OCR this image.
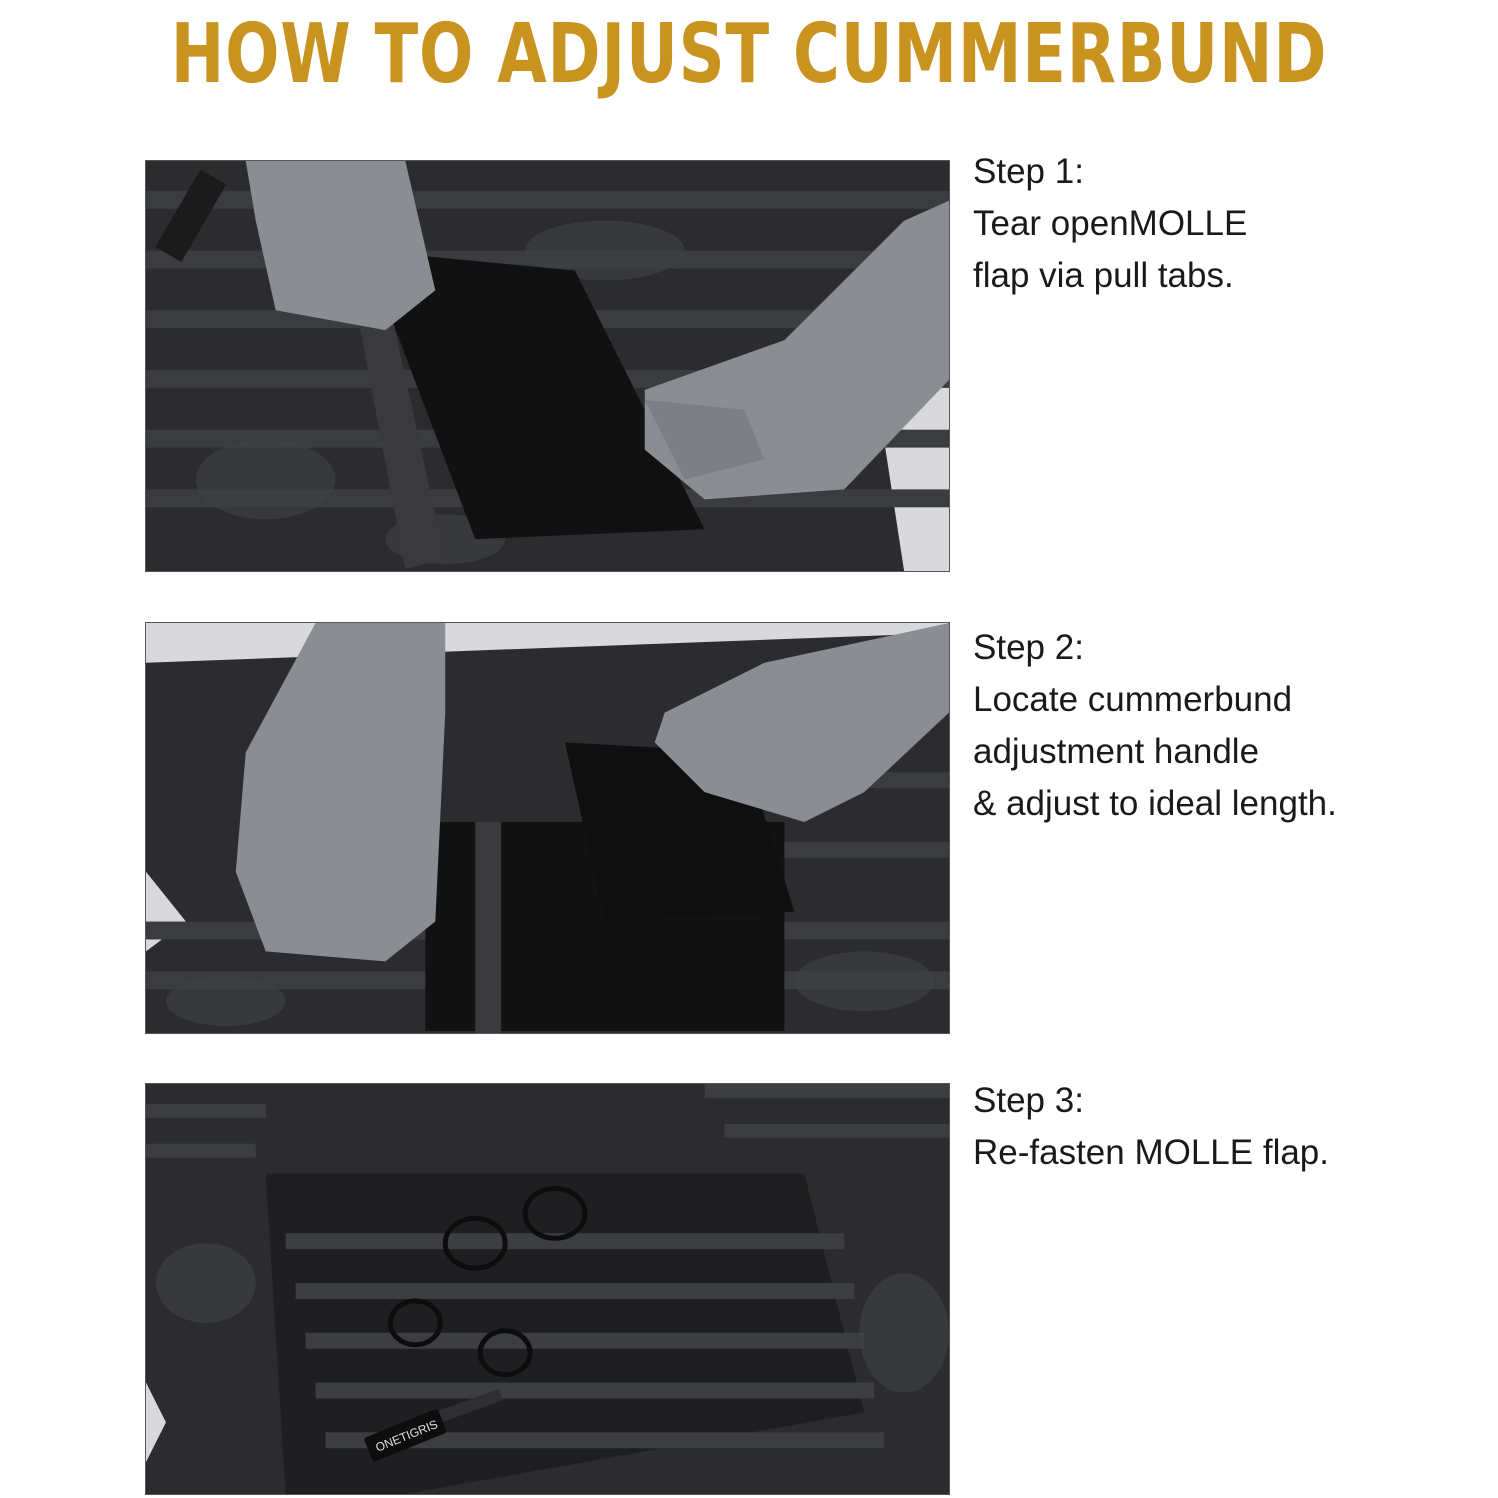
HOW TO ADJUST CUMMERBUND
Step 1:
Tear openMOLLE
flap via pull tabs.
Step 2:
Locate cummerbund
adjustment handle
& adjust to ideal length.
ONETIGRIS
Step 3:
Re-fasten MOLLE flap.
